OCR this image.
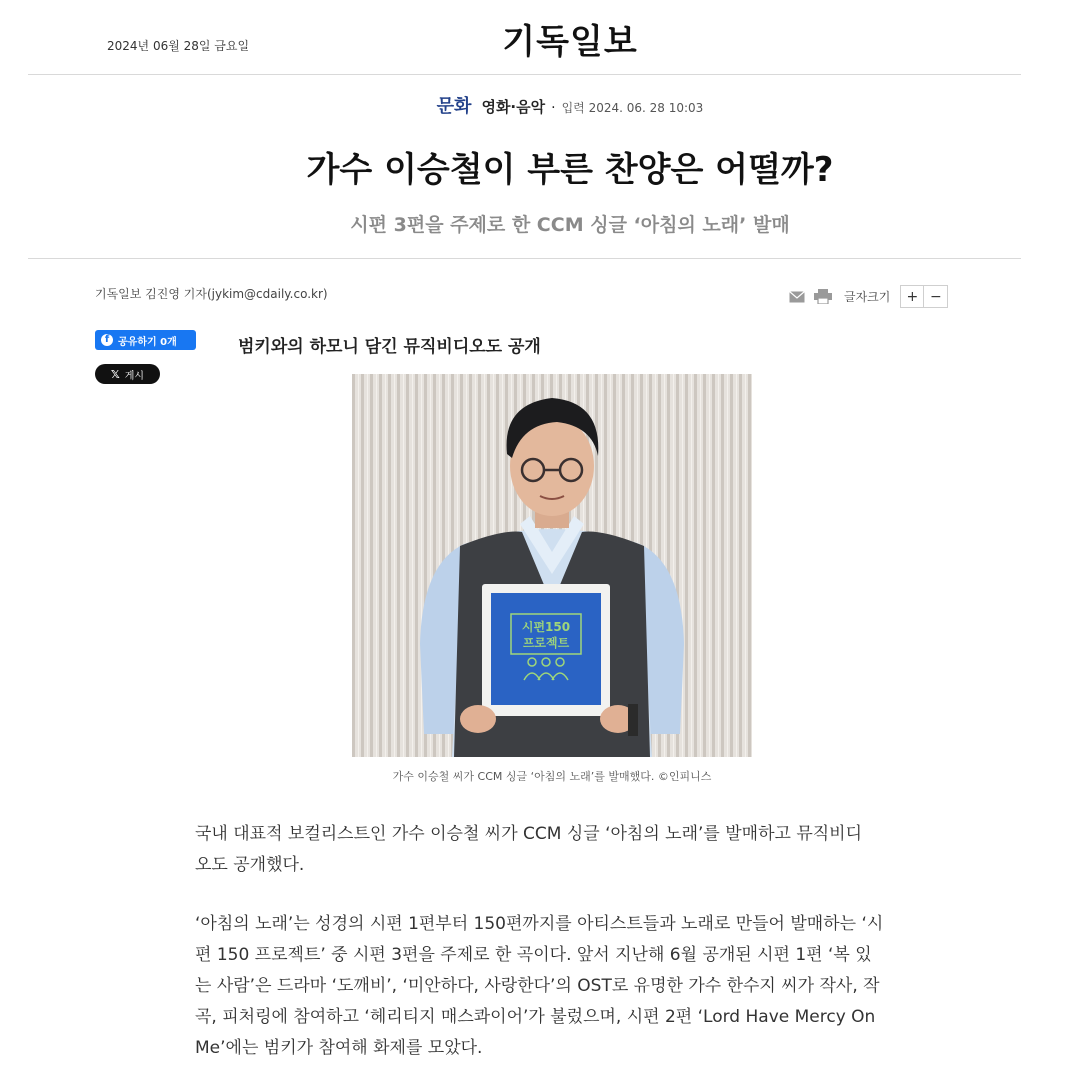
2024년 06월 28일 금요일	기독일보
문화 영화·음악 · 입력 2024. 06. 28 10:03
가수 이승철이 부른 찬양은 어떨까?
시편 3편을 주제로 한 CCM 싱글 ‘아침의 노래’ 발매
기독일보 김진영 기자(jykim@cdaily.co.kr)	글자크기	+ −
f 공유하기 0개
𝕏 게시
범키와의 하모니 담긴 뮤직비디오도 공개
시편150
프로젝트
가수 이승철 씨가 CCM 싱글 ‘아침의 노래’를 발매했다. ©인피니스
국내 대표적 보컬리스트인 가수 이승철 씨가 CCM 싱글 ‘아침의 노래’를 발매하고 뮤직비디
오도 공개했다.
‘아침의 노래’는 성경의 시편 1편부터 150편까지를 아티스트들과 노래로 만들어 발매하는 ‘시
편 150 프로젝트’ 중 시편 3편을 주제로 한 곡이다. 앞서 지난해 6월 공개된 시편 1편 ‘복 있
는 사람’은 드라마 ‘도깨비’, ‘미안하다, 사랑한다’의 OST로 유명한 가수 한수지 씨가 작사, 작
곡, 피처링에 참여하고 ‘헤리티지 매스콰이어’가 불렀으며, 시편 2편 ‘Lord Have Mercy On
Me’에는 범키가 참여해 화제를 모았다.
